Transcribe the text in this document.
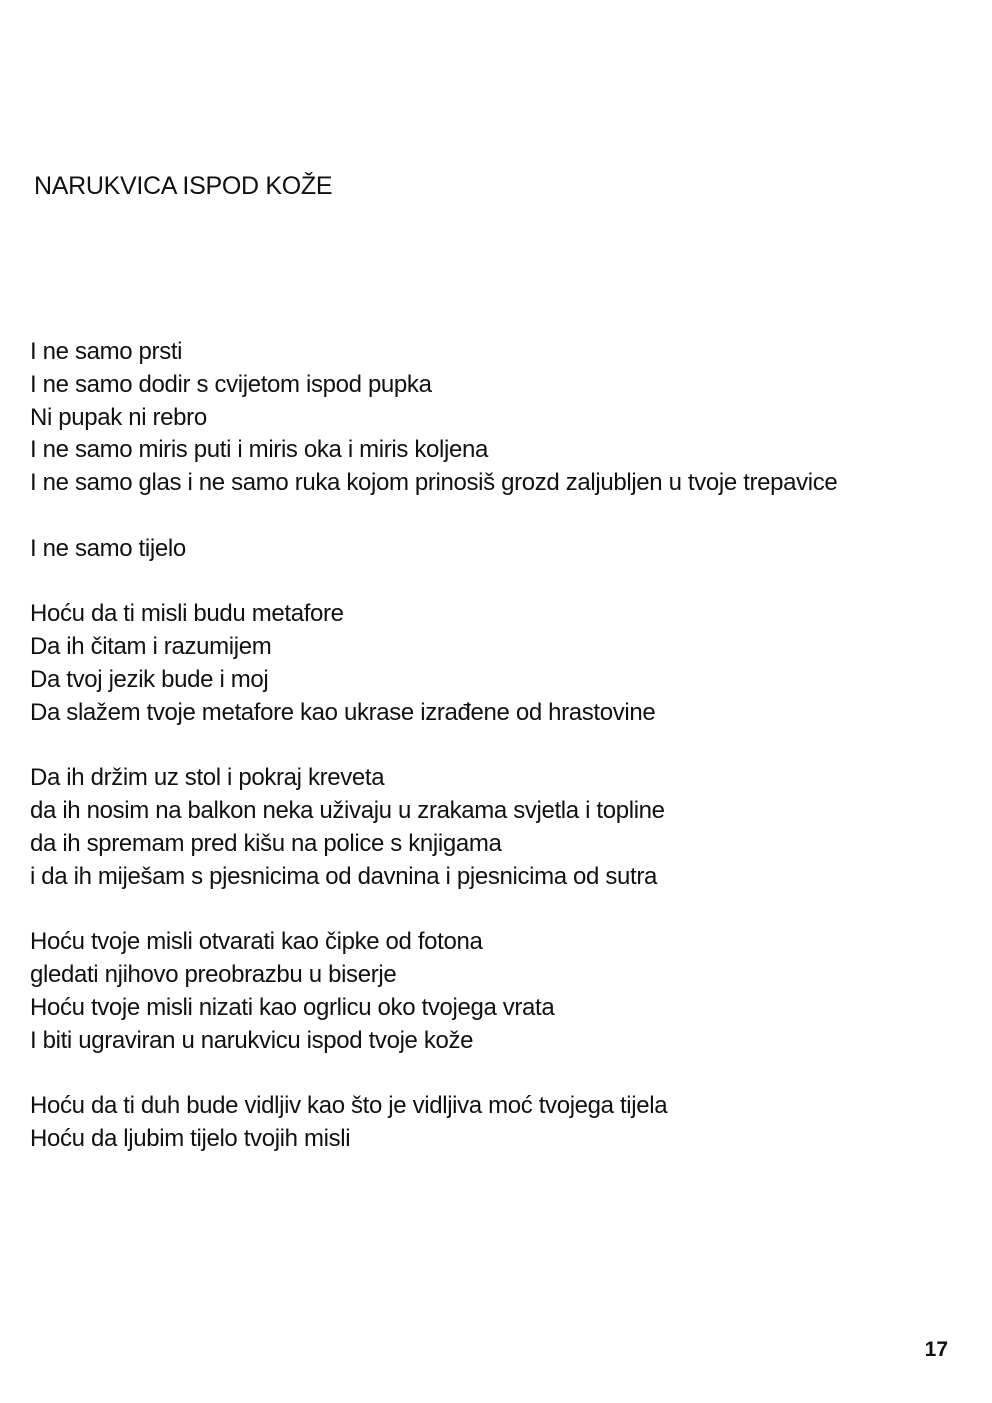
NARUKVICA ISPOD KOŽE
I ne samo prsti
I ne samo dodir s cvijetom ispod pupka
Ni pupak ni rebro
I ne samo miris puti i miris oka i miris koljena
I ne samo glas i ne samo ruka kojom prinosiš grozd zaljubljen u tvoje trepavice
I ne samo tijelo
Hoću da ti misli budu metafore
Da ih čitam i razumijem
Da tvoj jezik bude i moj
Da slažem tvoje metafore kao ukrase izrađene od hrastovine
Da ih držim uz stol i pokraj kreveta
da ih nosim na balkon neka uživaju u zrakama svjetla i topline
da ih spremam pred kišu na police s knjigama
i da ih miješam s pjesnicima od davnina i pjesnicima od sutra
Hoću tvoje misli otvarati kao čipke od fotona
gledati njihovo preobrazbu u biserje
Hoću tvoje misli nizati kao ogrlicu oko tvojega vrata
I biti ugraviran u narukvicu ispod tvoje kože
Hoću da ti duh bude vidljiv kao što je vidljiva moć tvojega tijela
Hoću da ljubim tijelo tvojih misli
17
